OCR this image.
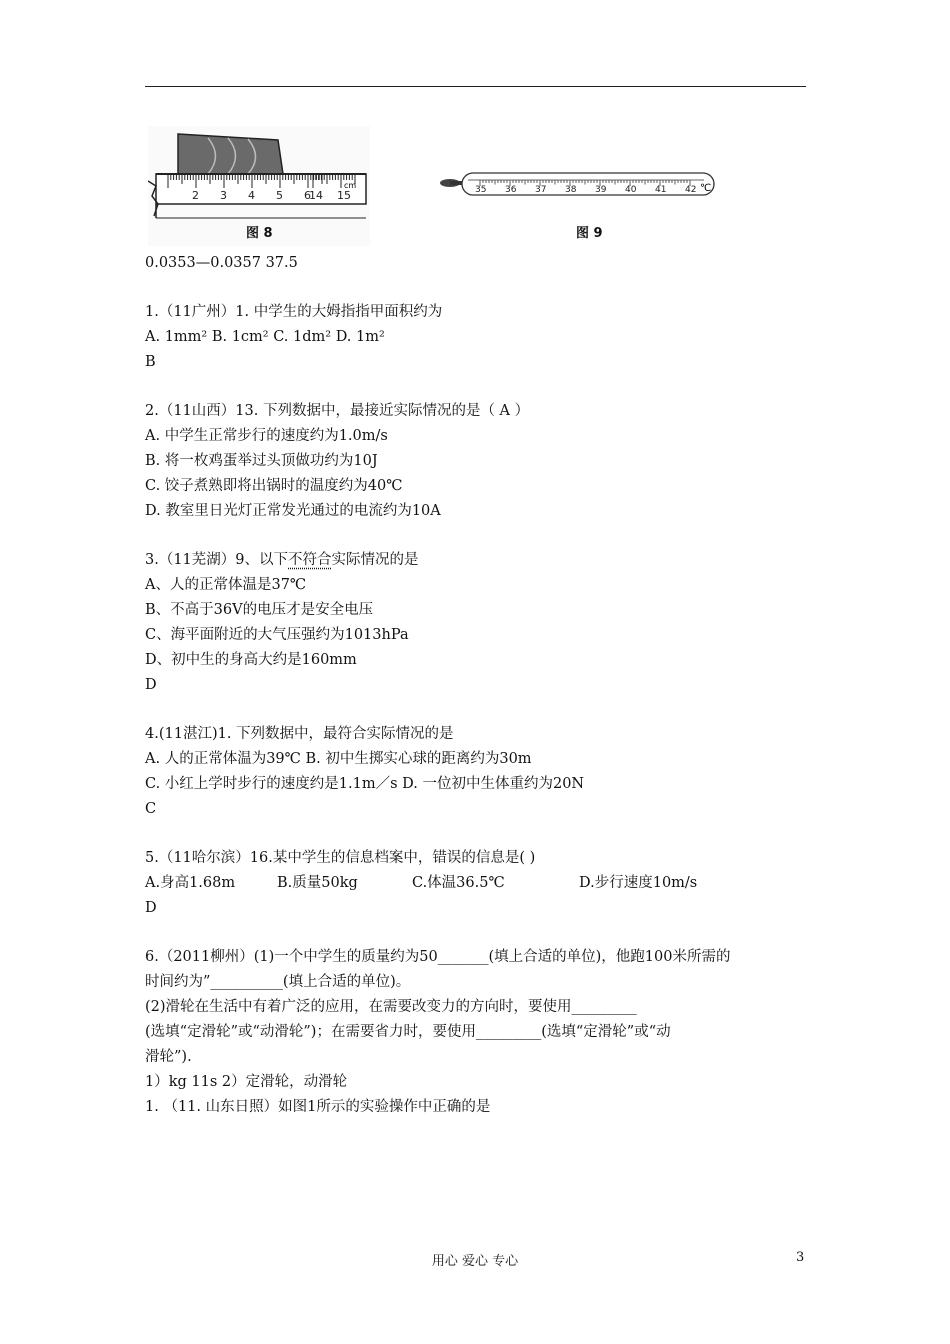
2 3 4 5 6
14 15
cm
图 8
35 36 37 38 39 40 41 42 ℃
图 9
0.0353—0.0357 37.5
1.（11广州）1. 中学生的大姆指指甲面积约为
A. 1mm² B. 1cm² C. 1dm² D. 1m²
B
2.（11山西）13. 下列数据中，最接近实际情况的是（ A ）
A. 中学生正常步行的速度约为1.0m/s
B. 将一枚鸡蛋举过头顶做功约为10J
C. 饺子煮熟即将出锅时的温度约为40℃
D. 教室里日光灯正常发光通过的电流约为10A
3.（11芜湖）9、以下不符合实际情况的是
A、人的正常体温是37℃
B、不高于36V的电压才是安全电压
C、海平面附近的大气压强约为1013hPa
D、初中生的身高大约是160mm
D
4.(11湛江)1. 下列数据中，最符合实际情况的是
A. 人的正常体温为39℃ B. 初中生掷实心球的距离约为30m
C. 小红上学时步行的速度约是1.1m／s D. 一位初中生体重约为20N
C
5.（11哈尔滨）16.某中学生的信息档案中，错误的信息是( )
A.身高1.68m	B.质量50kg	C.体温36.5℃	D.步行速度10m/s
D
6.（2011柳州）(1)一个中学生的质量约为50_______(填上合适的单位)，他跑100米所需的
时间约为”__________(填上合适的单位)。
(2)滑轮在生活中有着广泛的应用，在需要改变力的方向时，要使用_________
(选填“定滑轮”或“动滑轮”)；在需要省力时，要使用_________(选填“定滑轮”或“动
滑轮”).
1）kg 11s 2）定滑轮，动滑轮
1. （11. 山东日照）如图1所示的实验操作中正确的是
用心 爱心 专心	3
